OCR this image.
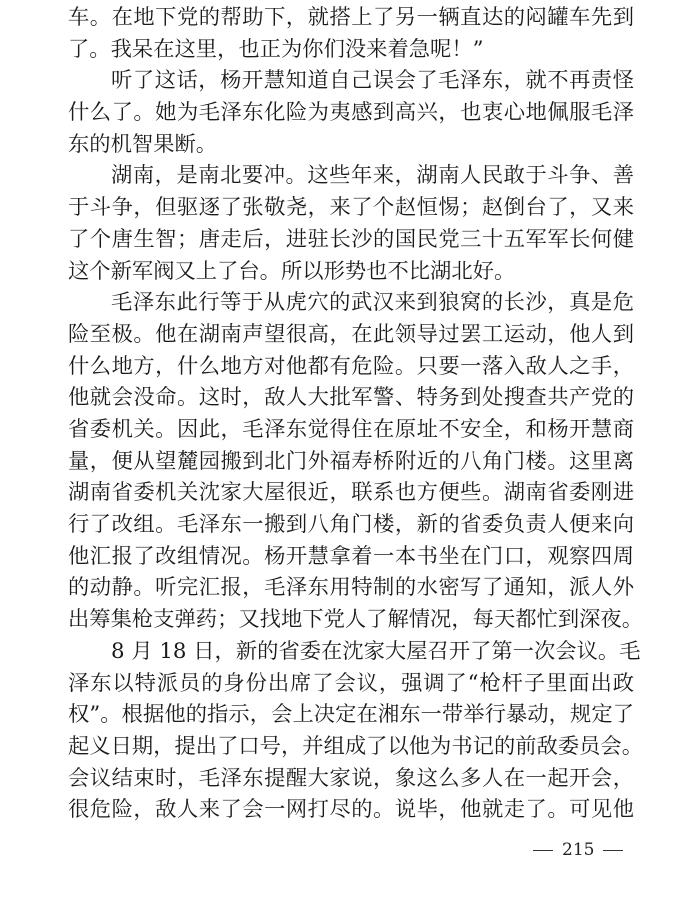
车。在地下党的帮助下，就搭上了另一辆直达的闷罐车先到
了。我呆在这里，也正为你们没来着急呢！”
听了这话，杨开慧知道自己误会了毛泽东，就不再责怪
什么了。她为毛泽东化险为夷感到高兴，也衷心地佩服毛泽
东的机智果断。
湖南，是南北要冲。这些年来，湖南人民敢于斗争、善
于斗争，但驱逐了张敬尧，来了个赵恒惕；赵倒台了，又来
了个唐生智；唐走后，进驻长沙的国民党三十五军军长何健
这个新军阀又上了台。所以形势也不比湖北好。
毛泽东此行等于从虎穴的武汉来到狼窝的长沙，真是危
险至极。他在湖南声望很高，在此领导过罢工运动，他人到
什么地方，什么地方对他都有危险。只要一落入敌人之手，
他就会没命。这时，敌人大批军警、特务到处搜查共产党的
省委机关。因此，毛泽东觉得住在原址不安全，和杨开慧商
量，便从望麓园搬到北门外福寿桥附近的八角门楼。这里离
湖南省委机关沈家大屋很近，联系也方便些。湖南省委刚进
行了改组。毛泽东一搬到八角门楼，新的省委负责人便来向
他汇报了改组情况。杨开慧拿着一本书坐在门口，观察四周
的动静。听完汇报，毛泽东用特制的水密写了通知，派人外
出筹集枪支弹药；又找地下党人了解情况，每天都忙到深夜。
8 月 18 日，新的省委在沈家大屋召开了第一次会议。毛
泽东以特派员的身份出席了会议，强调了“枪杆子里面出政
权”。根据他的指示，会上决定在湘东一带举行暴动，规定了
起义日期，提出了口号，并组成了以他为书记的前敌委员会。
会议结束时，毛泽东提醒大家说，象这么多人在一起开会，
很危险，敌人来了会一网打尽的。说毕，他就走了。可见他
215
